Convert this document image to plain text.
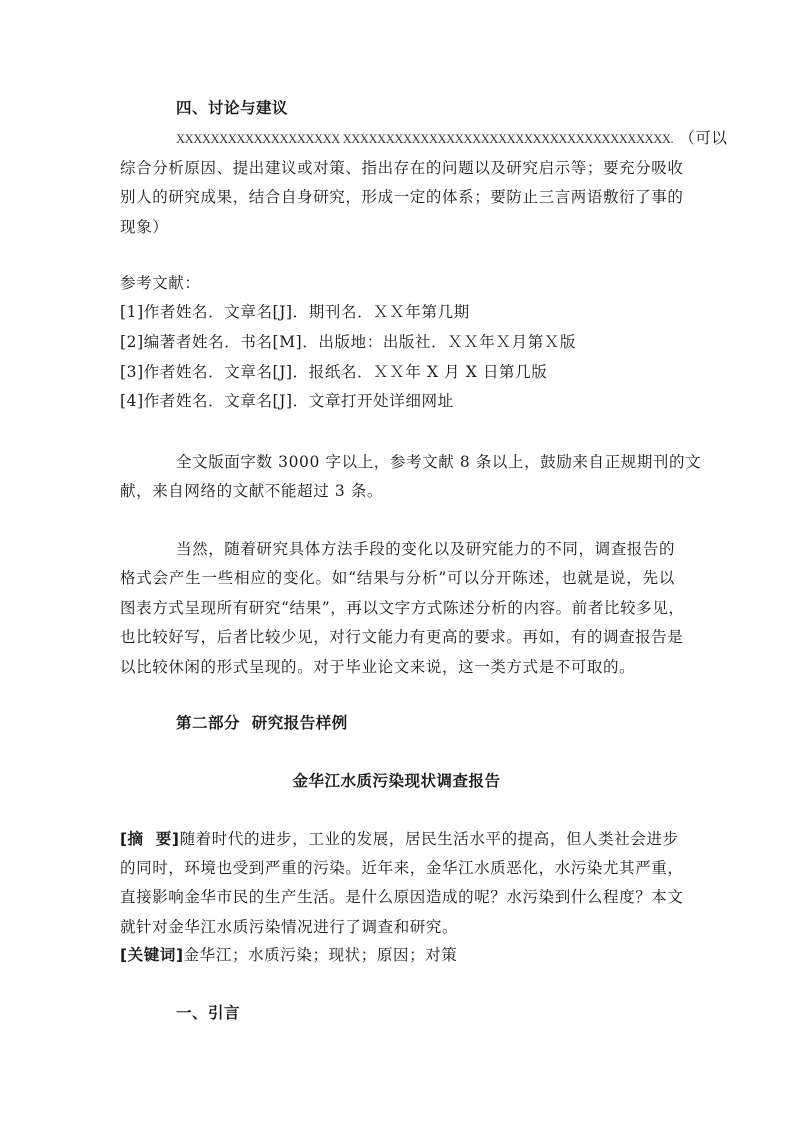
四、讨论与建议
XXXXXXXXXXXXXXXXXXX XXXXXXXXXXXXXXXXXXXXXXXXXXXXXXXXXXXXXX. （可以
综合分析原因、提出建议或对策、指出存在的问题以及研究启示等；要充分吸收
别人的研究成果，结合自身研究，形成一定的体系；要防止三言两语敷衍了事的
现象）
参考文献：
[1]作者姓名．文章名[J]．期刊名．ＸＸ年第几期
[2]编著者姓名．书名[M]．出版地：出版社．ＸＸ年Ｘ月第Ｘ版
[3]作者姓名．文章名[J]．报纸名．ＸＸ年 X 月 X 日第几版
[4]作者姓名．文章名[J]．文章打开处详细网址
全文版面字数 3000 字以上，参考文献 8 条以上，鼓励来自正规期刊的文
献，来自网络的文献不能超过 3 条。
当然，随着研究具体方法手段的变化以及研究能力的不同，调查报告的
格式会产生一些相应的变化。如“结果与分析”可以分开陈述，也就是说，先以
图表方式呈现所有研究“结果”，再以文字方式陈述分析的内容。前者比较多见，
也比较好写，后者比较少见，对行文能力有更高的要求。再如，有的调查报告是
以比较休闲的形式呈现的。对于毕业论文来说，这一类方式是不可取的。
第二部分  研究报告样例
金华江水质污染现状调查报告
[摘  要]随着时代的进步，工业的发展，居民生活水平的提高，但人类社会进步
的同时，环境也受到严重的污染。近年来，金华江水质恶化，水污染尤其严重，
直接影响金华市民的生产生活。是什么原因造成的呢？水污染到什么程度？本文
就针对金华江水质污染情况进行了调查和研究。
[关键词]金华江；水质污染；现状；原因；对策
一、引言
